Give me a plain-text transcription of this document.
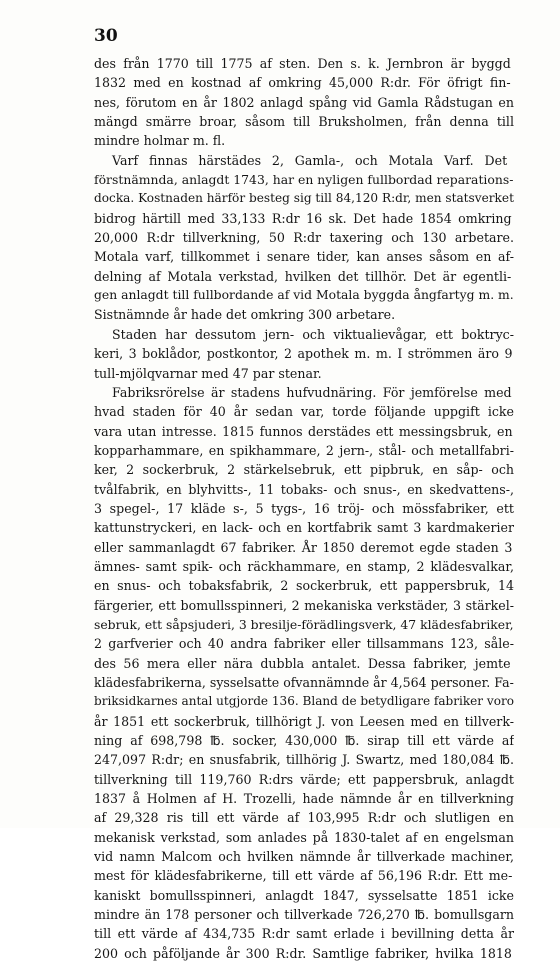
30
des från 1770 till 1775 af sten. Den s. k. Jernbron är byggd
1832 med en kostnad af omkring 45,000 R:dr. För öfrigt fin-
nes, förutom en år 1802 anlagd spång vid Gamla Rådstugan en
mängd smärre broar, såsom till Bruksholmen, från denna till
mindre holmar m. fl.
Varf finnas härstädes 2, Gamla-, och Motala Varf. Det
förstnämnda, anlagdt 1743, har en nyligen fullbordad reparations-
docka. Kostnaden härför besteg sig till 84,120 R:dr, men statsverket
bidrog härtill med 33,133 R:dr 16 sk. Det hade 1854 omkring
20,000 R:dr tillverkning, 50 R:dr taxering och 130 arbetare.
Motala varf, tillkommet i senare tider, kan anses såsom en af-
delning af Motala verkstad, hvilken det tillhör. Det är egentli-
gen anlagdt till fullbordande af vid Motala byggda ångfartyg m. m.
Sistnämnde år hade det omkring 300 arbetare.
Staden har dessutom jern- och viktualievågar, ett boktryc-
keri, 3 boklådor, postkontor, 2 apothek m. m. I strömmen äro 9
tull-mjölqvarnar med 47 par stenar.
Fabriksrörelse är stadens hufvudnäring. För jemförelse med
hvad staden för 40 år sedan var, torde följande uppgift icke
vara utan intresse. 1815 funnos derstädes ett messingsbruk, en
kopparhammare, en spikhammare, 2 jern-, stål- och metallfabri-
ker, 2 sockerbruk, 2 stärkelsebruk, ett pipbruk, en såp- och
tvålfabrik, en blyhvitts-, 11 tobaks- och snus-, en skedvattens-,
3 spegel-, 17 kläde s-, 5 tygs-, 16 tröj- och mössfabriker, ett
kattunstryckeri, en lack- och en kortfabrik samt 3 kardmakerier
eller sammanlagdt 67 fabriker. År 1850 deremot egde staden 3
ämnes- samt spik- och räckhammare, en stamp, 2 klädesvalkar,
en snus- och tobaksfabrik, 2 sockerbruk, ett pappersbruk, 14
färgerier, ett bomullsspinneri, 2 mekaniska verkstäder, 3 stärkel-
sebruk, ett såpsjuderi, 3 bresilje-förädlingsverk, 47 klädesfabriker,
2 garfverier och 40 andra fabriker eller tillsammans 123, såle-
des 56 mera eller nära dubbla antalet. Dessa fabriker, jemte
klädesfabrikerna, sysselsatte ofvannämnde år 4,564 personer. Fa-
briksidkarnes antal utgjorde 136. Bland de betydligare fabriker voro
år 1851 ett sockerbruk, tillhörigt J. von Leesen med en tillverk-
ning af 698,798 ℔. socker, 430,000 ℔. sirap till ett värde af
247,097 R:dr; en snusfabrik, tillhörig J. Swartz, med 180,084 ℔.
tillverkning till 119,760 R:drs värde; ett pappersbruk, anlagdt
1837 å Holmen af H. Trozelli, hade nämnde år en tillverkning
af 29,328 ris till ett värde af 103,995 R:dr och slutligen en
mekanisk verkstad, som anlades på 1830-talet af en engelsman
vid namn Malcom och hvilken nämnde år tillverkade machiner,
mest för klädesfabrikerne, till ett värde af 56,196 R:dr. Ett me-
kaniskt bomullsspinneri, anlagdt 1847, sysselsatte 1851 icke
mindre än 178 personer och tillverkade 726,270 ℔. bomullsgarn
till ett värde af 434,735 R:dr samt erlade i bevillning detta år
200 och påföljande år 300 R:dr. Samtlige fabriker, hvilka 1818
